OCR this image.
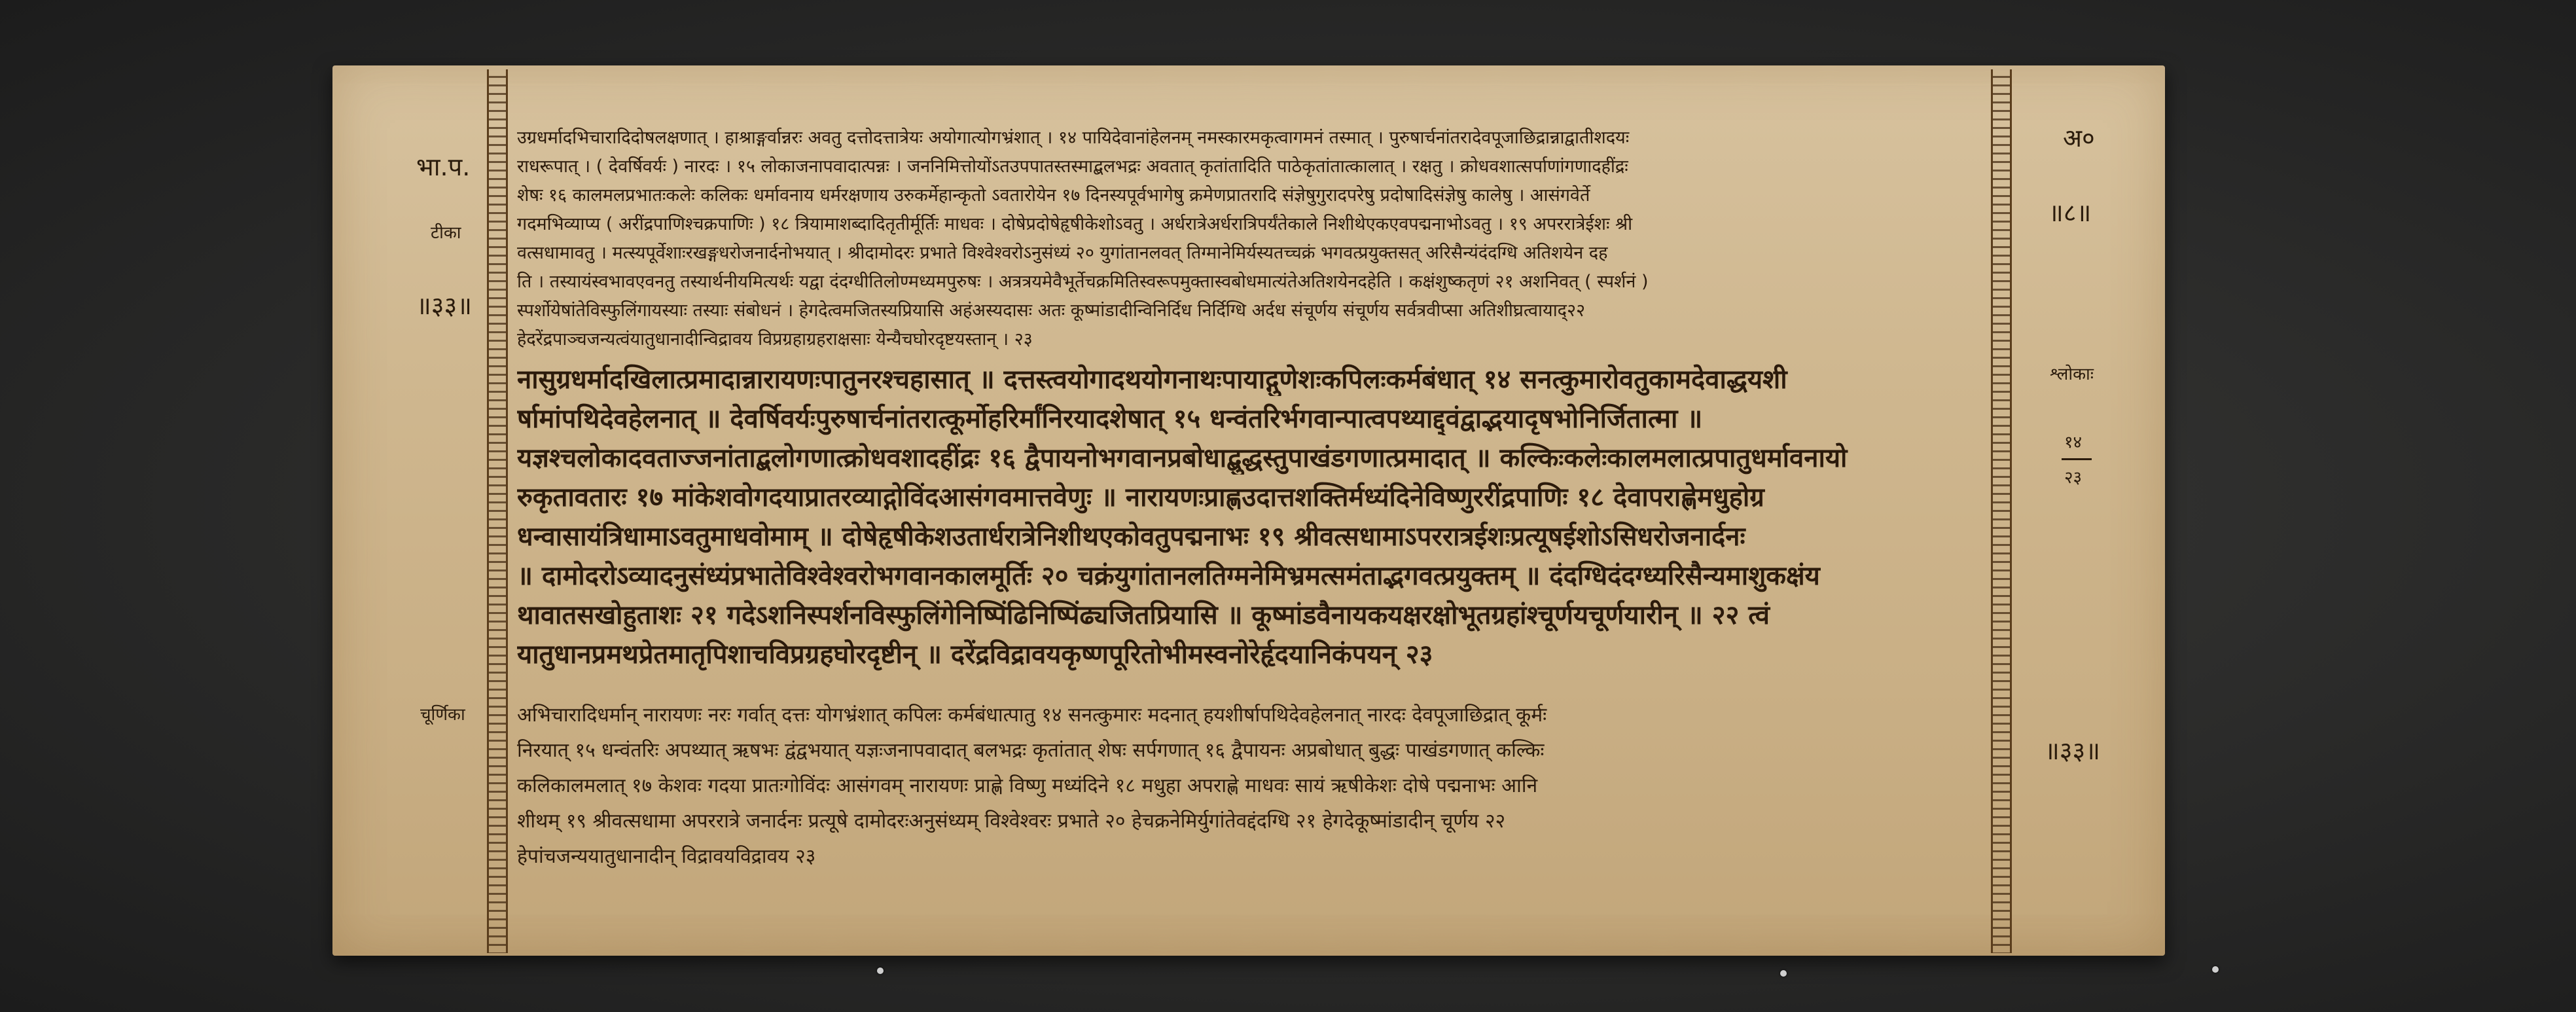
भा.प.
टीका
॥३३॥
चूर्णिका
अ०
॥८॥
श्लोकाः
१४
२३
॥३३॥
उग्रधर्मादभिचारादिदोषलक्षणात् । हाश्राङ्गर्वान्नरः अवतु दत्तोदत्तात्रेयः अयोगात्योगभ्रंशात् । १४ पायिदेवानांहेलनम् नमस्कारमकृत्वागमनं तस्मात् । पुरुषार्चनांतरादेवपूजाछिद्रान्नाद्वातीशदयः
राधरूपात् । ( देवर्षिवर्यः ) नारदः । १५ लोकाजनापवादात्पन्नः । जननिमित्तोयोंऽतउपपातस्तस्माद्बलभद्रः अवतात् कृतांतादिति पाठेकृतांतात्कालात् । रक्षतु । क्रोधवशात्सर्पाणांगणादहींद्रः
शेषः १६ कालमलप्रभातःकलेः कलिकः धर्मावनाय धर्मरक्षणाय उरुकर्मेहान्कृतो ऽवतारोयेन १७ दिनस्यपूर्वभागेषु क्रमेणप्रातरादि संज्ञेषुगुरादपरेषु प्रदोषादिसंज्ञेषु कालेषु । आसंगवेर्ते
गदमभिव्याप्य ( अरींद्रपाणिश्चक्रपाणिः ) १८ त्रियामाशब्दादितृतीर्मूर्तिः माधवः । दोषेप्रदोषेहृषीकेशोऽवतु । अर्धरात्रेअर्धरात्रिपर्यंतेकाले निशीथेएकएवपद्मनाभोऽवतु । १९ अपररात्रेईशः श्री
वत्सधामावतु । मत्स्यपूर्वेशाःरखङ्गधरोजनार्दनोभयात् । श्रीदामोदरः प्रभाते विश्वेश्वरोऽनुसंध्यं २० युगांतानलवत् तिग्मानेमिर्यस्यतच्चक्रं भगवत्प्रयुक्तसत् अरिसैन्यंदंदग्धि अतिशयेन दह
ति । तस्यायंस्वभावएवनतु तस्यार्थनीयमित्यर्थः यद्वा दंदग्धीतिलोण्मध्यमपुरुषः । अत्रत्रयमेवैभूर्तेचक्रमितिस्वरूपमुक्तास्वबोधमात्यंतेअतिशयेनदहेति । कक्षंशुष्कतृणं २१ अशनिवत् ( स्पर्शनं )
स्पर्शोयेषांतेविस्फुलिंगायस्याः तस्याः संबोधनं । हेगदेत्वमजितस्यप्रियासि अहंअस्यदासः अतः कूष्मांडादीन्विनिर्दिध निर्दिग्धि अर्दध संचूर्णय संचूर्णय सर्वत्रवीप्सा अतिशीघ्रत्वायाद्२२
हेदरेंद्रपाञ्चजन्यत्वंयातुधानादीन्विद्रावय विप्रग्रहाग्रहराक्षसाः येन्यैचघोरदृष्टयस्तान् । २३
नासुग्रधर्मादखिलात्प्रमादान्नारायणःपातुनरश्चहासात् ॥ दत्तस्त्वयोगादथयोगनाथःपायाद्गुणेशःकपिलःकर्मबंधात् १४ सनत्कुमारोवतुकामदेवाद्धयशी
र्षामांपथिदेवहेलनात् ॥ देवर्षिवर्यःपुरुषार्चनांतरात्कूर्मोहरिर्मांनिरयादशेषात् १५ धन्वंतरिर्भगवान्पात्वपथ्याद्द्वंद्वाद्भयादृषभोनिर्जितात्मा ॥
यज्ञश्चलोकादवताज्जनांताद्बलोगणात्क्रोधवशादहींद्रः १६ द्वैपायनोभगवानप्रबोधाद्बुद्धस्तुपाखंडगणात्प्रमादात् ॥ कल्किःकलेःकालमलात्प्रपातुधर्मावनायो
रुकृतावतारः १७ मांकेशवोगदयाप्रातरव्याद्गोविंदआसंगवमात्तवेणुः ॥ नारायणःप्राह्णउदात्तशक्तिर्मध्यंदिनेविष्णुररींद्रपाणिः १८ देवापराह्णेमधुहोग्र
धन्वासायंत्रिधामाऽवतुमाधवोमाम् ॥ दोषेहृषीकेशउतार्धरात्रेनिशीथएकोवतुपद्मनाभः १९ श्रीवत्सधामाऽपररात्रईशःप्रत्यूषईशोऽसिधरोजनार्दनः
॥ दामोदरोऽव्यादनुसंध्यंप्रभातेविश्वेश्वरोभगवानकालमूर्तिः २० चक्रंयुगांतानलतिग्मनेमिभ्रमत्समंताद्भगवत्प्रयुक्तम् ॥ दंदग्धिदंदग्ध्यरिसैन्यमाशुकक्षंय
थावातसखोहुताशः २१ गदेऽशनिस्पर्शनविस्फुलिंगेनिष्पिंढिनिष्पिंढ्यजितप्रियासि ॥ कूष्मांडवैनायकयक्षरक्षोभूतग्रहांश्चूर्णयचूर्णयारीन् ॥ २२ त्वं
यातुधानप्रमथप्रेतमातृपिशाचविप्रग्रहघोरदृष्टीन् ॥ दरेंद्रविद्रावयकृष्णपूरितोभीमस्वनोरेर्हृदयानिकंपयन् २३
अभिचारादिधर्मान् नारायणः नरः गर्वात् दत्तः योगभ्रंशात् कपिलः कर्मबंधात्पातु १४ सनत्कुमारः मदनात् हयशीर्षापथिदेवहेलनात् नारदः देवपूजाछिद्रात् कूर्मः
निरयात् १५ धन्वंतरिः अपथ्यात् ऋषभः द्वंद्वभयात् यज्ञःजनापवादात् बलभद्रः कृतांतात् शेषः सर्पगणात् १६ द्वैपायनः अप्रबोधात् बुद्धः पाखंडगणात् कल्किः
कलिकालमलात् १७ केशवः गदया प्रातःगोविंदः आसंगवम् नारायणः प्राह्णे विष्णु मध्यंदिने १८ मधुहा अपराह्णे माधवः सायं ऋषीकेशः दोषे पद्मनाभः आनि
शीथम् १९ श्रीवत्सधामा अपररात्रे जनार्दनः प्रत्यूषे दामोदरःअनुसंध्यम् विश्वेश्वरः प्रभाते २० हेचक्रनेमिर्युगांतेवद्दंदग्धि २१ हेगदेकूष्मांडादीन् चूर्णय २२
हेपांचजन्ययातुधानादीन् विद्रावयविद्रावय २३
